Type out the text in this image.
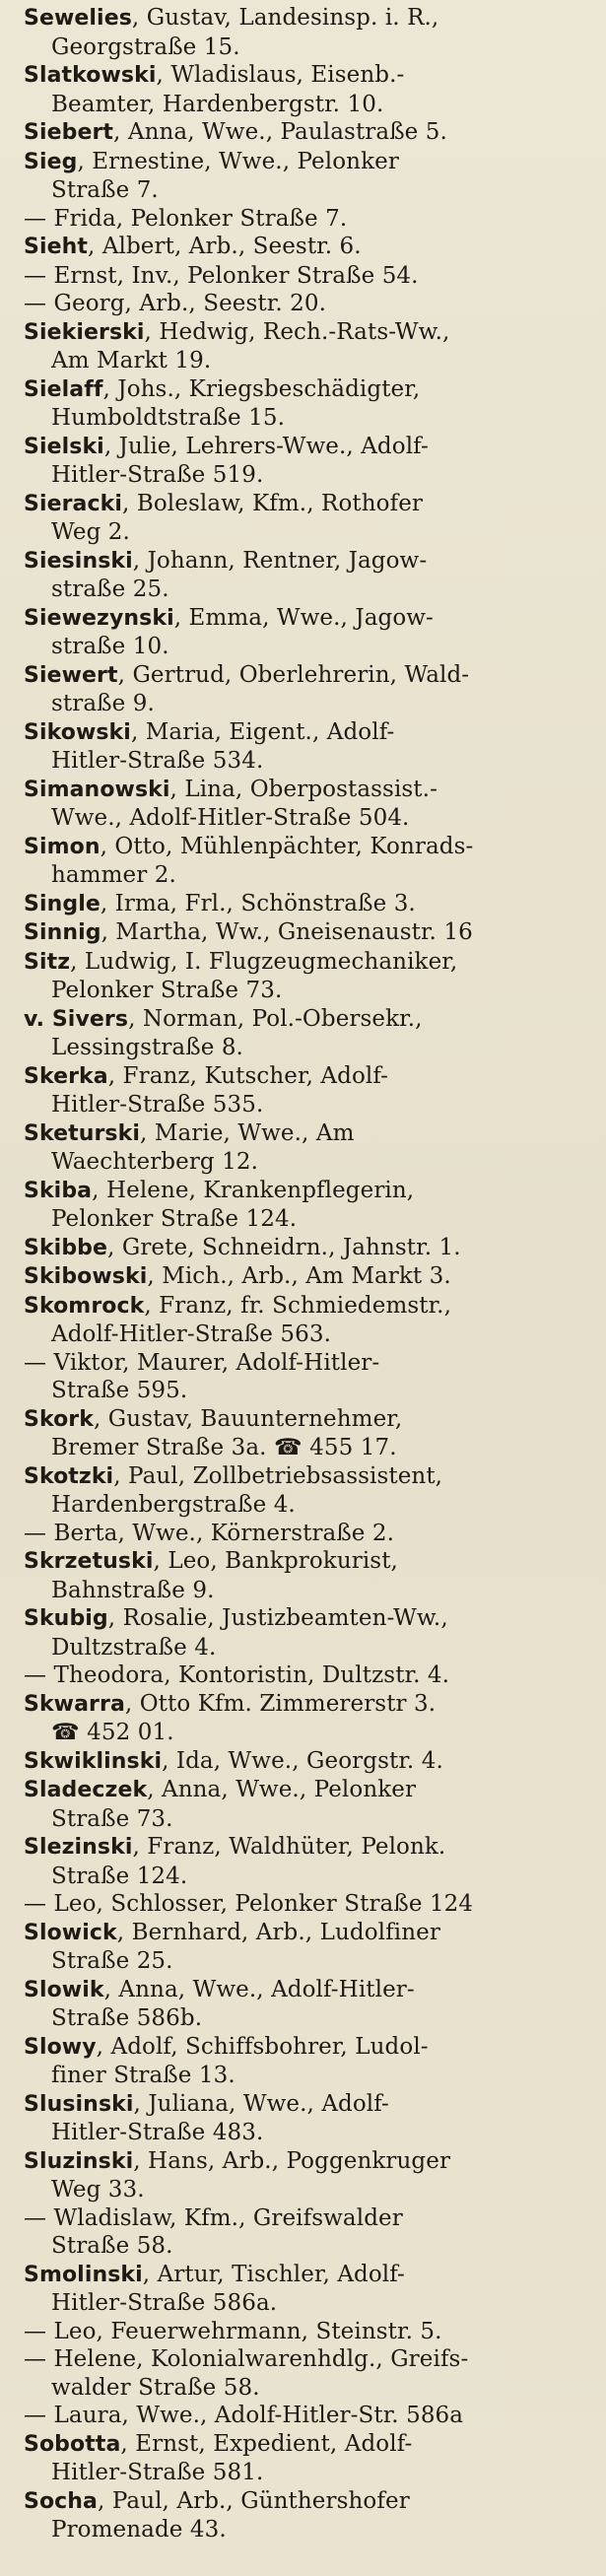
Sewelies, Gustav, Landesinsp. i. R.,
Georgstraße 15.
Slatkowski, Wladislaus, Eisenb.-
Beamter, Hardenbergstr. 10.
Siebert, Anna, Wwe., Paulastraße 5.
Sieg, Ernestine, Wwe., Pelonker
Straße 7.
— Frida, Pelonker Straße 7.
Sieht, Albert, Arb., Seestr. 6.
— Ernst, Inv., Pelonker Straße 54.
— Georg, Arb., Seestr. 20.
Siekierski, Hedwig, Rech.-Rats-Ww.,
Am Markt 19.
Sielaff, Johs., Kriegsbeschädigter,
Humboldtstraße 15.
Sielski, Julie, Lehrers-Wwe., Adolf-
Hitler-Straße 519.
Sieracki, Boleslaw, Kfm., Rothofer
Weg 2.
Siesinski, Johann, Rentner, Jagow-
straße 25.
Siewezynski, Emma, Wwe., Jagow-
straße 10.
Siewert, Gertrud, Oberlehrerin, Wald-
straße 9.
Sikowski, Maria, Eigent., Adolf-
Hitler-Straße 534.
Simanowski, Lina, Oberpostassist.-
Wwe., Adolf-Hitler-Straße 504.
Simon, Otto, Mühlenpächter, Konrads-
hammer 2.
Single, Irma, Frl., Schönstraße 3.
Sinnig, Martha, Ww., Gneisenaustr. 16
Sitz, Ludwig, I. Flugzeugmechaniker,
Pelonker Straße 73.
v. Sivers, Norman, Pol.-Obersekr.,
Lessingstraße 8.
Skerka, Franz, Kutscher, Adolf-
Hitler-Straße 535.
Sketurski, Marie, Wwe., Am
Waechterberg 12.
Skiba, Helene, Krankenpflegerin,
Pelonker Straße 124.
Skibbe, Grete, Schneidrn., Jahnstr. 1.
Skibowski, Mich., Arb., Am Markt 3.
Skomrock, Franz, fr. Schmiedemstr.,
Adolf-Hitler-Straße 563.
— Viktor, Maurer, Adolf-Hitler-
Straße 595.
Skork, Gustav, Bauunternehmer,
Bremer Straße 3a. ☎ 455 17.
Skotzki, Paul, Zollbetriebsassistent,
Hardenbergstraße 4.
— Berta, Wwe., Körnerstraße 2.
Skrzetuski, Leo, Bankprokurist,
Bahnstraße 9.
Skubig, Rosalie, Justizbeamten-Ww.,
Dultzstraße 4.
— Theodora, Kontoristin, Dultzstr. 4.
Skwarra, Otto Kfm. Zimmererstr 3.
☎ 452 01.
Skwiklinski, Ida, Wwe., Georgstr. 4.
Sladeczek, Anna, Wwe., Pelonker
Straße 73.
Slezinski, Franz, Waldhüter, Pelonk.
Straße 124.
— Leo, Schlosser, Pelonker Straße 124
Slowick, Bernhard, Arb., Ludolfiner
Straße 25.
Slowik, Anna, Wwe., Adolf-Hitler-
Straße 586b.
Slowy, Adolf, Schiffsbohrer, Ludol-
finer Straße 13.
Slusinski, Juliana, Wwe., Adolf-
Hitler-Straße 483.
Sluzinski, Hans, Arb., Poggenkruger
Weg 33.
— Wladislaw, Kfm., Greifswalder
Straße 58.
Smolinski, Artur, Tischler, Adolf-
Hitler-Straße 586a.
— Leo, Feuerwehrmann, Steinstr. 5.
— Helene, Kolonialwarenhdlg., Greifs-
walder Straße 58.
— Laura, Wwe., Adolf-Hitler-Str. 586a
Sobotta, Ernst, Expedient, Adolf-
Hitler-Straße 581.
Socha, Paul, Arb., Günthershofer
Promenade 43.
